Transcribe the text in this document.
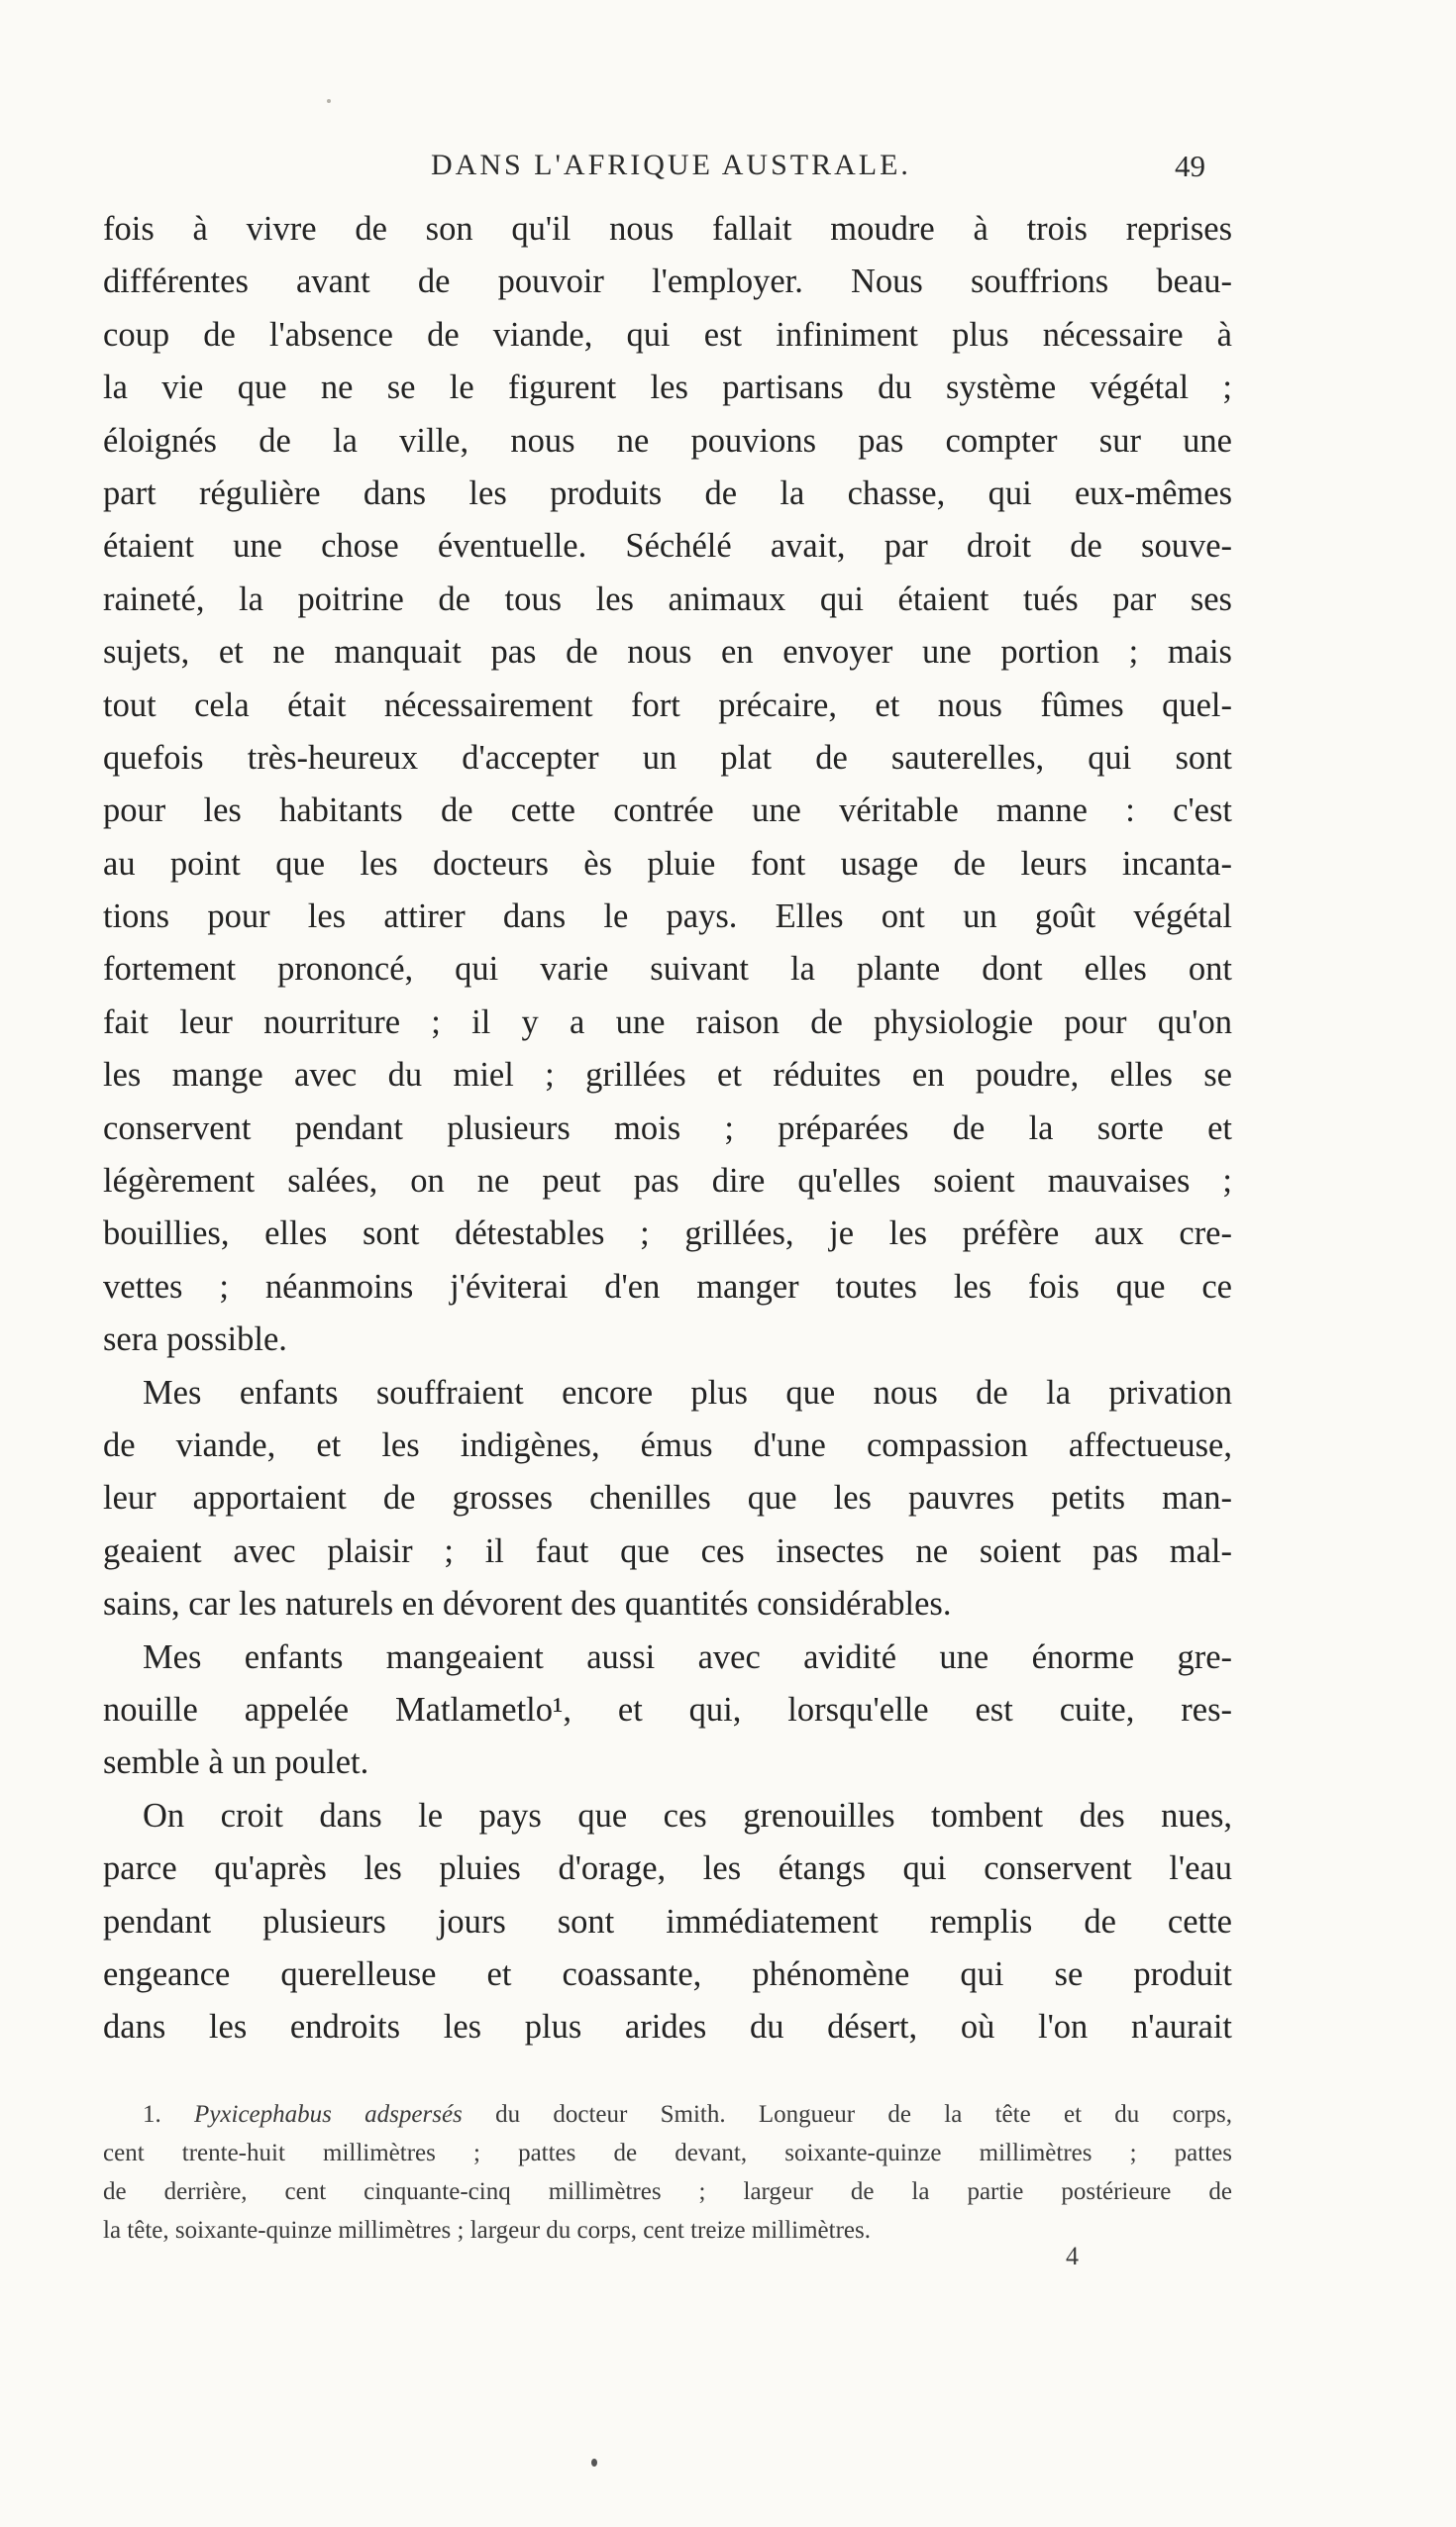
DANS L'AFRIQUE AUSTRALE.	49
fois à vivre de son qu'il nous fallait moudre à trois reprises
différentes avant de pouvoir l'employer. Nous souffrions beau-
coup de l'absence de viande, qui est infiniment plus nécessaire à
la vie que ne se le figurent les partisans du système végétal ;
éloignés de la ville, nous ne pouvions pas compter sur une
part régulière dans les produits de la chasse, qui eux-mêmes
étaient une chose éventuelle. Séchélé avait, par droit de souve-
raineté, la poitrine de tous les animaux qui étaient tués par ses
sujets, et ne manquait pas de nous en envoyer une portion ; mais
tout cela était nécessairement fort précaire, et nous fûmes quel-
quefois très-heureux d'accepter un plat de sauterelles, qui sont
pour les habitants de cette contrée une véritable manne : c'est
au point que les docteurs ès pluie font usage de leurs incanta-
tions pour les attirer dans le pays. Elles ont un goût végétal
fortement prononcé, qui varie suivant la plante dont elles ont
fait leur nourriture ; il y a une raison de physiologie pour qu'on
les mange avec du miel ; grillées et réduites en poudre, elles se
conservent pendant plusieurs mois ; préparées de la sorte et
légèrement salées, on ne peut pas dire qu'elles soient mauvaises ;
bouillies, elles sont détestables ; grillées, je les préfère aux cre-
vettes ; néanmoins j'éviterai d'en manger toutes les fois que ce
sera possible.
Mes enfants souffraient encore plus que nous de la privation
de viande, et les indigènes, émus d'une compassion affectueuse,
leur apportaient de grosses chenilles que les pauvres petits man-
geaient avec plaisir ; il faut que ces insectes ne soient pas mal-
sains, car les naturels en dévorent des quantités considérables.
Mes enfants mangeaient aussi avec avidité une énorme gre-
nouille appelée Matlametlo¹, et qui, lorsqu'elle est cuite, res-
semble à un poulet.
On croit dans le pays que ces grenouilles tombent des nues,
parce qu'après les pluies d'orage, les étangs qui conservent l'eau
pendant plusieurs jours sont immédiatement remplis de cette
engeance querelleuse et coassante, phénomène qui se produit
dans les endroits les plus arides du désert, où l'on n'aurait
1. Pyxicephabus adspersés du docteur Smith. Longueur de la tête et du corps,
cent trente-huit millimètres ; pattes de devant, soixante-quinze millimètres ; pattes
de derrière, cent cinquante-cinq millimètres ; largeur de la partie postérieure de
la tête, soixante-quinze millimètres ; largeur du corps, cent treize millimètres.
4
